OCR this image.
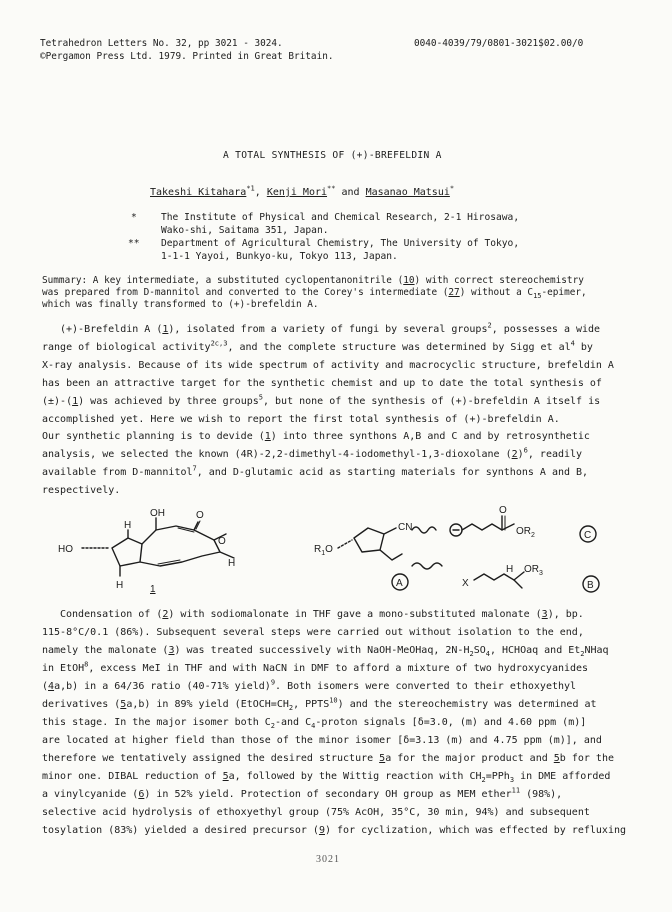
Tetrahedron Letters No. 32, pp 3021 - 3024.
©Pergamon Press Ltd. 1979. Printed in Great Britain.
0040-4039/79/0801-3021$02.00/0
A TOTAL SYNTHESIS OF (+)-BREFELDIN A
Takeshi Kitahara$^{*1}$, Kenji Mori** and Masanao Matsui*
*	The Institute of Physical and Chemical Research, 2-1 Hirosawa,
Wako-shi, Saitama 351, Japan.
** Department of Agricultural Chemistry, The University of Tokyo,
1-1-1 Yayoi, Bunkyo-ku, Tokyo 113, Japan.
Summary: A key intermediate, a substituted cyclopentanonitrile (10) with correct stereochemistry
was prepared from D-mannitol and converted to the Corey's intermediate (27) without a $C_{15}$-epimer,
which was finally transformed to (+)-brefeldin A.
(+)-Brefeldin A (1), isolated from a variety of fungi by several groups$^2$, possesses a wide
range of biological activity$^{2c,3}$, and the complete structure was determined by Sigg et $al^4$ by
X-ray analysis. Because of its wide spectrum of activity and macrocyclic structure, brefeldin A
has been an attractive target for the synthetic chemist and up to date the total synthesis of
(±)-(1) was achieved by three groups$^5$, but none of the synthesis of (+)-brefeldin A itself is
accomplished yet. Here we wish to report the first total synthesis of (+)-brefeldin A.
Our synthetic planning is to devide (1) into three synthons A,B and C and by retrosynthetic
analysis, we selected the known (4R)-2,2-dimethyl-4-iodomethyl-1,3-dioxolane $(2)^6$, readily
available from D-mannitol$^7$, and D-glutamic acid as starting materials for synthons A and B,
respectively.
OH
H
O
O
HO
H
H	1
CN
$R_1O$
O
$OR_2$	C
A	X
H $OR_3$
B
Condensation of (2) with sodiomalonate in THF gave a mono-substituted malonate (3), bp.
115-8°C/0.1 (86%). Subsequent several steps were carried out without isolation to the end,
namely the malonate (3) was treated successively with NaOH-MeOHaq, $2N-H_2SO_4$, HCHOaq and $Et_2NHaq$
in EtOH$^8$, excess MeI in THF and with NaCN in DMF to afford a mixture of two hydroxycyanides
(4a,b) in a 64/36 ratio (40-71% yield)$^9$. Both isomers were converted to their ethoxyethyl
derivatives (5a,b) in 89% yield ($EtOCH=CH_2$, PPTS$^{10}$) and the stereochemistry was determined at
this stage. In the major isomer both $C_2$-and $C_4$-proton signals [δ=3.0, (m) and 4.60 ppm (m)]
are located at higher field than those of the minor isomer [δ=3.13 (m) and 4.75 ppm (m)], and
therefore we tentatively assigned the desired structure 5a for the major product and 5b for the
minor one. DIBAL reduction of 5a, followed by the Wittig reaction with $CH_2=PPh_3$ in DME afforded
a vinylcyanide (6) in 52% yield. Protection of secondary OH group as MEM ether$^{11}$ (98%),
selective acid hydrolysis of ethoxyethyl group (75% AcOH, 35°C, 30 min, 94%) and subsequent
tosylation (83%) yielded a desired precursor (9) for cyclization, which was effected by refluxing
3021
